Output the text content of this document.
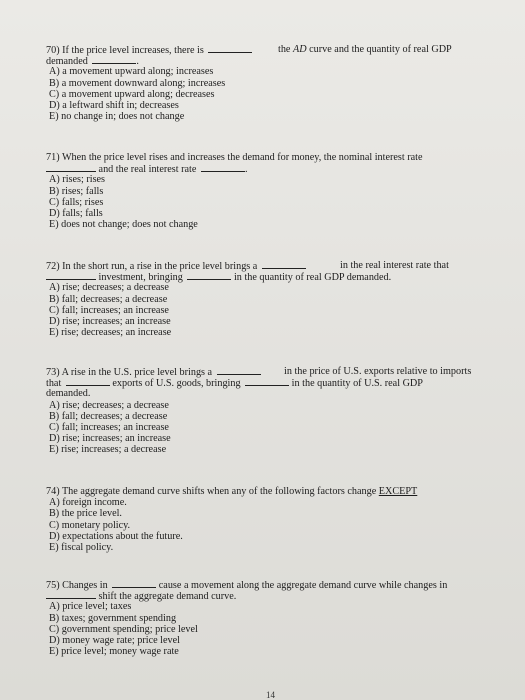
70) If the price level increases, there is	the AD curve and the quantity of real GDP
demanded	.
A) a movement upward along; increases
B) a movement downward along; increases
C) a movement upward along; decreases
D) a leftward shift in; decreases
E) no change in; does not change
71) When the price level rises and increases the demand for money, the nominal interest rate
and the real interest rate	.
A) rises; rises
B) rises; falls
C) falls; rises
D) falls; falls
E) does not change; does not change
72) In the short run, a rise in the price level brings a	in the real interest rate that
investment, bringing	in the quantity of real GDP demanded.
A) rise; decreases; a decrease
B) fall; decreases; a decrease
C) fall; increases; an increase
D) rise; increases; an increase
E) rise; decreases; an increase
73) A rise in the U.S. price level brings a	in the price of U.S. exports relative to imports
that	exports of U.S. goods, bringing	in the quantity of U.S. real GDP
demanded.
A) rise; decreases; a decrease
B) fall; decreases; a decrease
C) fall; increases; an increase
D) rise; increases; an increase
E) rise; increases; a decrease
74) The aggregate demand curve shifts when any of the following factors change EXCEPT
A) foreign income.
B) the price level.
C) monetary policy.
D) expectations about the future.
E) fiscal policy.
75) Changes in	cause a movement along the aggregate demand curve while changes in
shift the aggregate demand curve.
A) price level; taxes
B) taxes; government spending
C) government spending; price level
D) money wage rate; price level
E) price level; money wage rate
14
